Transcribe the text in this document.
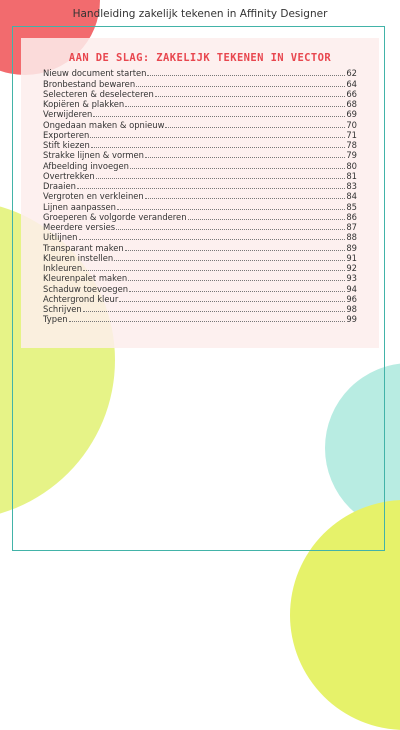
Handleiding zakelijk tekenen in Affinity Designer
AAN DE SLAG: ZAKELIJK TEKENEN IN VECTOR
Nieuw document starten	62
Bronbestand bewaren	64
Selecteren & deselecteren	66
Kopiëren & plakken	68
Verwijderen	69
Ongedaan maken & opnieuw	70
Exporteren	71
Stift kiezen	78
Strakke lijnen & vormen	79
Afbeelding invoegen	80
Overtrekken	81
Draaien	83
Vergroten en verkleinen	84
Lijnen aanpassen	85
Groeperen & volgorde veranderen	86
Meerdere versies	87
Uitlijnen	88
Transparant maken	89
Kleuren instellen	91
Inkleuren	92
Kleurenpalet maken	93
Schaduw toevoegen	94
Achtergrond kleur	96
Schrijven	98
Typen	99
